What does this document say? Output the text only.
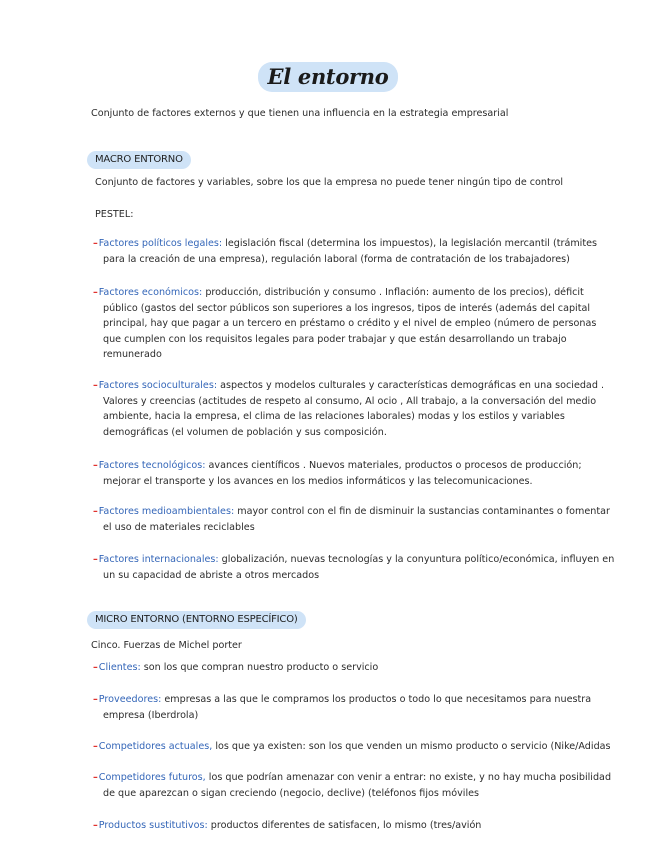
El entorno
Conjunto de factores externos y que tienen una influencia en la estrategia empresarial
MACRO ENTORNO
Conjunto de factores y variables, sobre los que la empresa no puede tener ningún tipo de control
PESTEL:
–Factores políticos legales: legislación fiscal (determina los impuestos), la legislación mercantil (trámites
para la creación de una empresa), regulación laboral (forma de contratación de los trabajadores)
–Factores económicos: producción, distribución y consumo . Inflación: aumento de los precios), déficit
público (gastos del sector públicos son superiores a los ingresos, tipos de interés (además del capital
principal, hay que pagar a un tercero en préstamo o crédito y el nivel de empleo (número de personas
que cumplen con los requisitos legales para poder trabajar y que están desarrollando un trabajo
remunerado
–Factores socioculturales: aspectos y modelos culturales y características demográficas en una sociedad .
Valores y creencias (actitudes de respeto al consumo, Al ocio , All trabajo, a la conversación del medio
ambiente, hacia la empresa, el clima de las relaciones laborales) modas y los estilos y variables
demográficas (el volumen de población y sus composición.
–Factores tecnológicos: avances científicos . Nuevos materiales, productos o procesos de producción;
mejorar el transporte y los avances en los medios informáticos y las telecomunicaciones.
–Factores medioambientales: mayor control con el fin de disminuir la sustancias contaminantes o fomentar
el uso de materiales reciclables
–Factores internacionales: globalización, nuevas tecnologías y la conyuntura político/económica, influyen en
un su capacidad de abriste a otros mercados
MICRO ENTORNO (ENTORNO ESPECÍFICO)
Cinco. Fuerzas de Michel porter
–Clientes: son los que compran nuestro producto o servicio
–Proveedores: empresas a las que le compramos los productos o todo lo que necesitamos para nuestra
empresa (Iberdrola)
–Competidores actuales, los que ya existen: son los que venden un mismo producto o servicio (Nike/Adidas
–Competidores futuros, los que podrían amenazar con venir a entrar: no existe, y no hay mucha posibilidad
de que aparezcan o sigan creciendo (negocio, declive) (teléfonos fijos móviles
–Productos sustitutivos: productos diferentes de satisfacen, lo mismo (tres/avión
